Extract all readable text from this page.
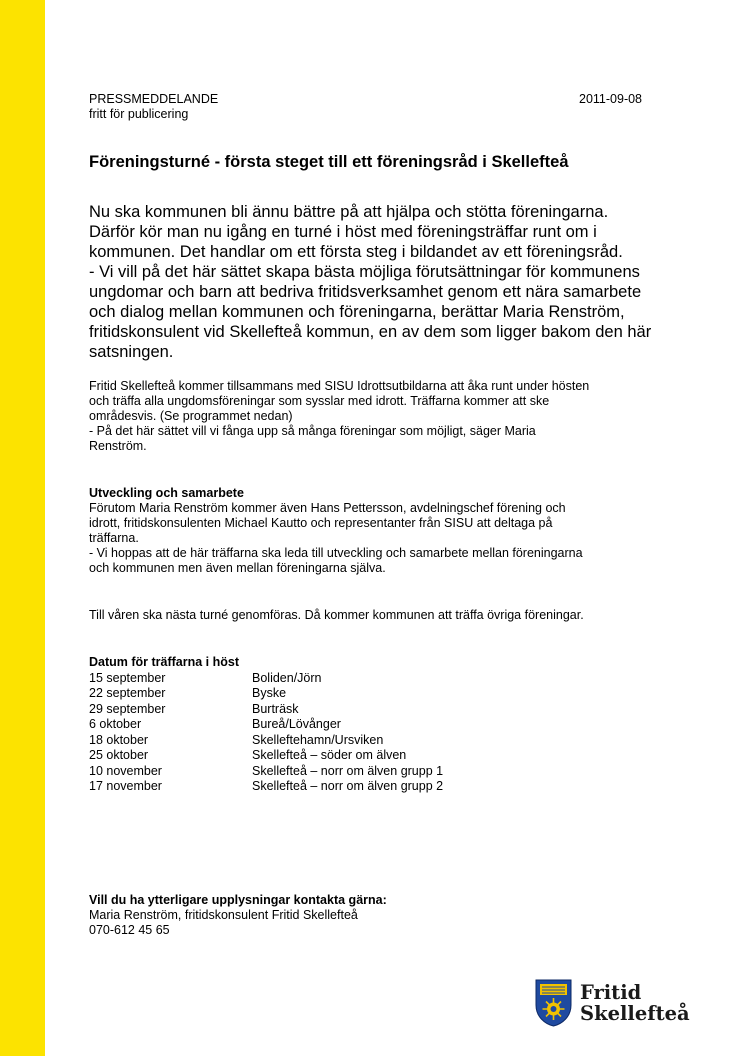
PRESSMEDDELANDE
fritt för publicering
2011-09-08
Föreningsturné - första steget till ett föreningsråd i Skellefteå
Nu ska kommunen bli ännu bättre på att hjälpa och stötta föreningarna.
Därför kör man nu igång en turné i höst med föreningsträffar runt om i
kommunen. Det handlar om ett första steg i bildandet av ett föreningsråd.
- Vi vill på det här sättet skapa bästa möjliga förutsättningar för kommunens
ungdomar och barn att bedriva fritidsverksamhet genom ett nära samarbete
och dialog mellan kommunen och föreningarna, berättar Maria Renström,
fritidskonsulent vid Skellefteå kommun, en av dem som ligger bakom den här
satsningen.
Fritid Skellefteå kommer tillsammans med SISU Idrottsutbildarna att åka runt under hösten
och träffa alla ungdomsföreningar som sysslar med idrott. Träffarna kommer att ske
områdesvis. (Se programmet nedan)
- På det här sättet vill vi fånga upp så många föreningar som möjligt, säger Maria
Renström.
Utveckling och samarbete
Förutom Maria Renström kommer även Hans Pettersson, avdelningschef förening och
idrott, fritidskonsulenten Michael Kautto och representanter från SISU att deltaga på
träffarna.
- Vi hoppas att de här träffarna ska leda till utveckling och samarbete mellan föreningarna
och kommunen men även mellan föreningarna själva.
Till våren ska nästa turné genomföras. Då kommer kommunen att träffa övriga föreningar.
Datum för träffarna i höst
15 september	Boliden/Jörn
22 september	Byske
29 september	Burträsk
6 oktober	Bureå/Lövånger
18 oktober	Skelleftehamn/Ursviken
25 oktober	Skellefteå – söder om älven
10 november	Skellefteå – norr om älven grupp 1
17 november	Skellefteå – norr om älven grupp 2
Vill du ha ytterligare upplysningar kontakta gärna:
Maria Renström, fritidskonsulent Fritid Skellefteå
070-612 45 65
Fritid
Skellefteå
